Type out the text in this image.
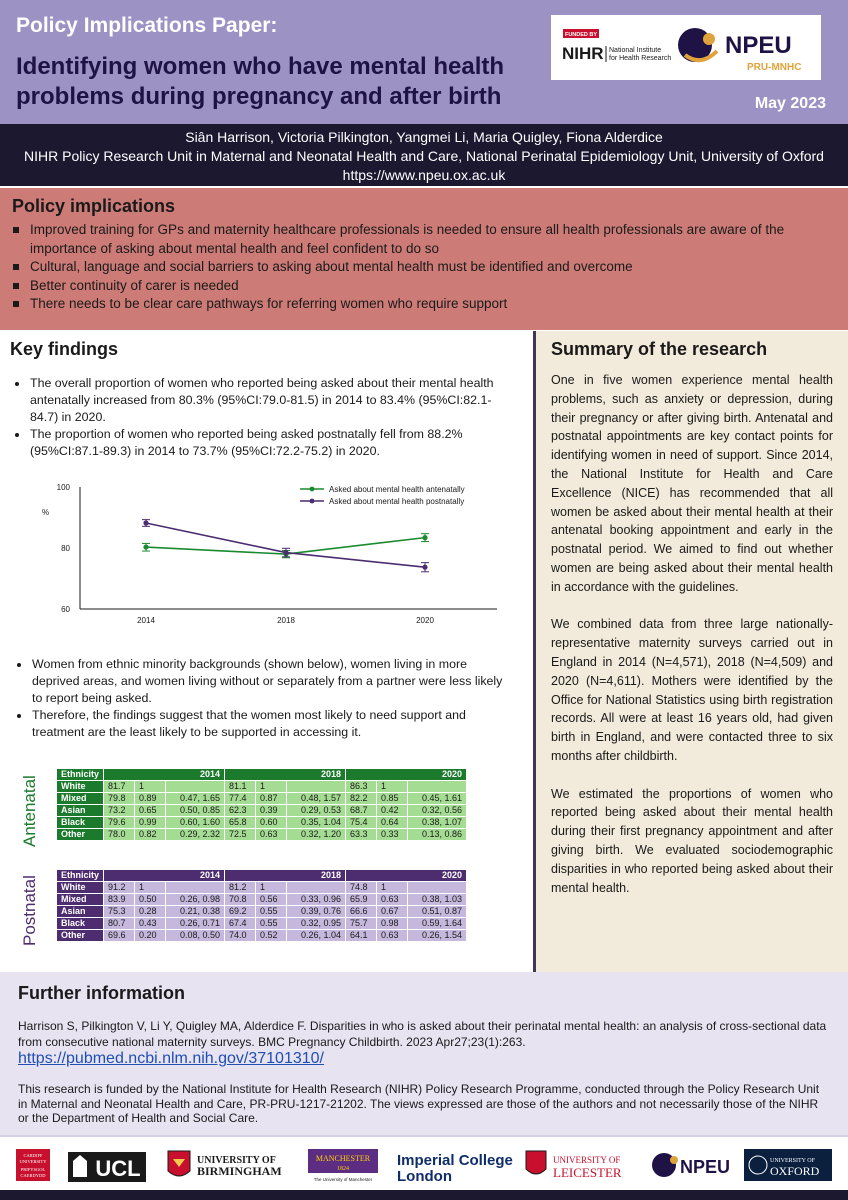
Policy Implications Paper:
Identifying women who have mental health problems during pregnancy and after birth
FUNDED BY
NIHR National Institute
for Health Research NPEU
PRU-MNHC
May 2023
Siân Harrison, Victoria Pilkington, Yangmei Li, Maria Quigley, Fiona Alderdice
NIHR Policy Research Unit in Maternal and Neonatal Health and Care, National Perinatal Epidemiology Unit, University of Oxford
https://www.npeu.ox.ac.uk
Policy implications
Improved training for GPs and maternity healthcare professionals is needed to ensure all health professionals are aware of the importance of asking about mental health and feel confident to do so
Cultural, language and social barriers to asking about mental health must be identified and overcome
Better continuity of carer is needed
There needs to be clear care pathways for referring women who require support
Key findings
The overall proportion of women who reported being asked about their mental health antenatally increased from 80.3% (95%CI:79.0-81.5) in 2014 to 83.4% (95%CI:82.1-84.7) in 2020.
The proportion of women who reported being asked postnatally fell from 88.2% (95%CI:87.1-89.3) in 2014 to 73.7% (95%CI:72.2-75.2) in 2020.
60
80
100
%
2014	2018	2020
Asked about mental health antenatally
Asked about mental health postnatally
Women from ethnic minority backgrounds (shown below), women living in more deprived areas, and women living without or separately from a partner were less likely to report being asked.
Therefore, the findings suggest that the women most likely to need support and treatment are the least likely to be supported in accessing it.
Antenatal
Ethnicity	2014			2018			2020		
White	81.7	1		81.1	1		86.3	1	
Mixed	79.8	0.89	0.47, 1.65	77.4	0.87	0.48, 1.57	82.2	0.85	0.45, 1.61
Asian	73.2	0.65	0.50, 0.85	62.3	0.39	0.29, 0.53	68.7	0.42	0.32, 0.56
Black	79.6	0.99	0.60, 1.60	65.8	0.60	0.35, 1.04	75.4	0.64	0.38, 1.07
Other	78.0	0.82	0.29, 2.32	72.5	0.63	0.32, 1.20	63.3	0.33	0.13, 0.86
Postnatal
Ethnicity	2014			2018			2020		
White	91.2	1		81.2	1		74.8	1	
Mixed	83.9	0.50	0.26, 0.98	70.8	0.56	0.33, 0.96	65.9	0.63	0.38, 1.03
Asian	75.3	0.28	0.21, 0.38	69.2	0.55	0.39, 0.76	66.6	0.67	0.51, 0.87
Black	80.7	0.43	0.26, 0.71	67.4	0.55	0.32, 0.95	75.7	0.98	0.59, 1.64
Other	69.6	0.20	0.08, 0.50	74.0	0.52	0.26, 1.04	64.1	0.63	0.26, 1.54
Summary of the research

One in five women experience mental health problems, such as anxiety or depression, during their pregnancy or after giving birth. Antenatal and postnatal appointments are key contact points for identifying women in need of support. Since 2014, the National Institute for Health and Care Excellence (NICE) has recommended that all women be asked about their mental health at their antenatal booking appointment and early in the postnatal period. We aimed to find out whether women are being asked about their mental health in accordance with the guidelines.

We combined data from three large nationally-representative maternity surveys carried out in England in 2014 (N=4,571), 2018 (N=4,509) and 2020 (N=4,611). Mothers were identified by the Office for National Statistics using birth registration records. All were at least 16 years old, had given birth in England, and were contacted three to six months after childbirth.

We estimated the proportions of women who reported being asked about their mental health during their first pregnancy appointment and after giving birth. We evaluated sociodemographic disparities in who reported being asked about their mental health.

Further information
Harrison S, Pilkington V, Li Y, Quigley MA, Alderdice F. Disparities in who is asked about their perinatal mental health: an analysis of cross-sectional data from consecutive national maternity surveys. BMC Pregnancy Childbirth. 2023 Apr27;23(1):263.
https://pubmed.ncbi.nlm.nih.gov/37101310/
This research is funded by the National Institute for Health Research (NIHR) Policy Research Programme, conducted through the Policy Research Unit in Maternal and Neonatal Health and Care, PR-PRU-1217-21202. The views expressed are those of the authors and not necessarily those of the NIHR or the Department of Health and Social Care.
CARDIFF
UNIVERSITY
PRIFYSGOL
CAERDYDD UCL	UNIVERSITY OF
BIRMINGHAM
MANCHESTER
1824
The University of Manchester
Imperial College
London
UNIVERSITY OF
LEICESTER	NPEU	UNIVERSITY OF
OXFORD
